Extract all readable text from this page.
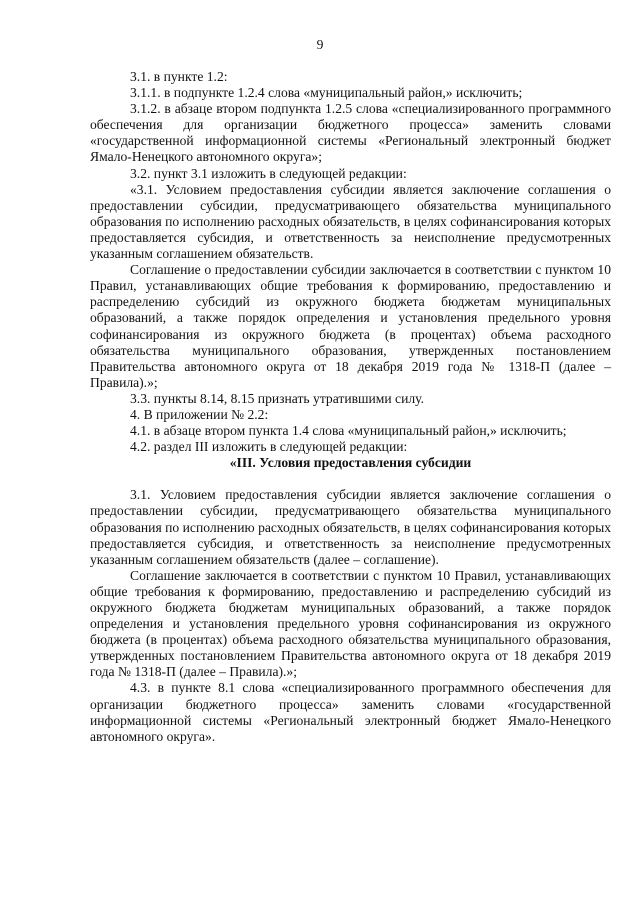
9

3.1. в пункте 1.2:

3.1.1. в подпункте 1.2.4 слова «муниципальный район,» исключить;

3.1.2. в абзаце втором подпункта 1.2.5 слова «специализированного программного обеспечения для организации бюджетного процесса» заменить словами «государственной информационной системы «Региональный электронный бюджет Ямало-Ненецкого автономного округа»;

3.2. пункт 3.1 изложить в следующей редакции:

«3.1. Условием предоставления субсидии является заключение соглашения о предоставлении субсидии, предусматривающего обязательства муниципального образования по исполнению расходных обязательств, в целях софинансирования которых предоставляется субсидия, и ответственность за неисполнение предусмотренных указанным соглашением обязательств.

Соглашение о предоставлении субсидии заключается в соответствии с пунктом 10 Правил, устанавливающих общие требования к формированию, предоставлению и распределению субсидий из окружного бюджета бюджетам муниципальных образований, а также порядок определения и установления предельного уровня софинансирования из окружного бюджета (в процентах) объема расходного обязательства муниципального образования, утвержденных постановлением Правительства автономного округа от 18 декабря 2019 года № 1318-П (далее – Правила).»;

3.3. пункты 8.14, 8.15 признать утратившими силу.

4. В приложении № 2.2:

4.1. в абзаце втором пункта 1.4 слова «муниципальный район,» исключить;

4.2. раздел III изложить в следующей редакции:

«III. Условия предоставления субсидии

3.1. Условием предоставления субсидии является заключение соглашения о предоставлении субсидии, предусматривающего обязательства муниципального образования по исполнению расходных обязательств, в целях софинансирования которых предоставляется субсидия, и ответственность за неисполнение предусмотренных указанным соглашением обязательств (далее – соглашение).

Соглашение заключается в соответствии с пунктом 10 Правил, устанавливающих общие требования к формированию, предоставлению и распределению субсидий из окружного бюджета бюджетам муниципальных образований, а также порядок определения и установления предельного уровня софинансирования из окружного бюджета (в процентах) объема расходного обязательства муниципального образования, утвержденных постановлением Правительства автономного округа от 18 декабря 2019 года № 1318-П (далее – Правила).»;

4.3. в пункте 8.1 слова «специализированного программного обеспечения для организации бюджетного процесса» заменить словами «государственной информационной системы «Региональный электронный бюджет Ямало-Ненецкого автономного округа».
